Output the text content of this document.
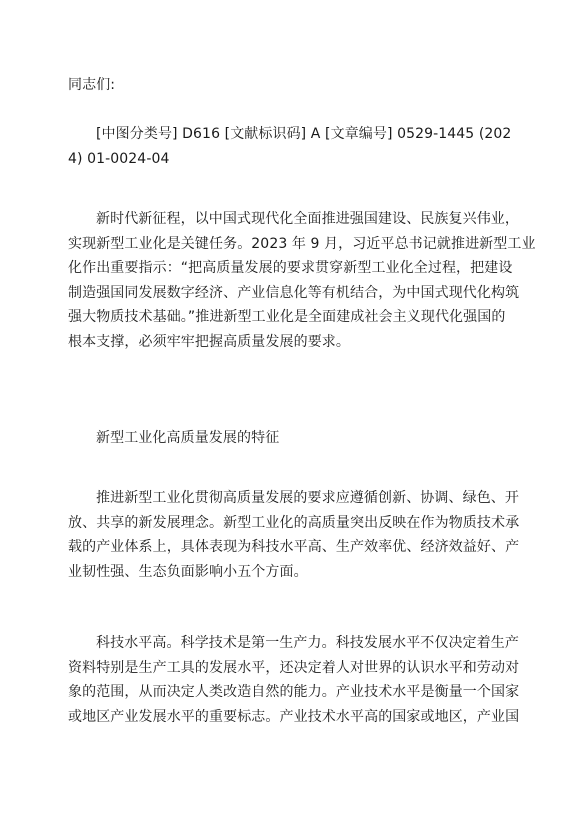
同志们:

[中图分类号] D616 [文献标识码] A [文章编号] 0529-1445 (202
4) 01-0024-04

新时代新征程，以中国式现代化全面推进强国建设、民族复兴伟业，
实现新型工业化是关键任务。2023 年 9 月，习近平总书记就推进新型工业
化作出重要指示：“把高质量发展的要求贯穿新型工业化全过程，把建设
制造强国同发展数字经济、产业信息化等有机结合，为中国式现代化构筑
强大物质技术基础。”推进新型工业化是全面建成社会主义现代化强国的
根本支撑，必须牢牢把握高质量发展的要求。

新型工业化高质量发展的特征

推进新型工业化贯彻高质量发展的要求应遵循创新、协调、绿色、开
放、共享的新发展理念。新型工业化的高质量突出反映在作为物质技术承
载的产业体系上，具体表现为科技水平高、生产效率优、经济效益好、产
业韧性强、生态负面影响小五个方面。

科技水平高。科学技术是第一生产力。科技发展水平不仅决定着生产
资料特别是生产工具的发展水平，还决定着人对世界的认识水平和劳动对
象的范围，从而决定人类改造自然的能力。产业技术水平是衡量一个国家
或地区产业发展水平的重要标志。产业技术水平高的国家或地区，产业国
